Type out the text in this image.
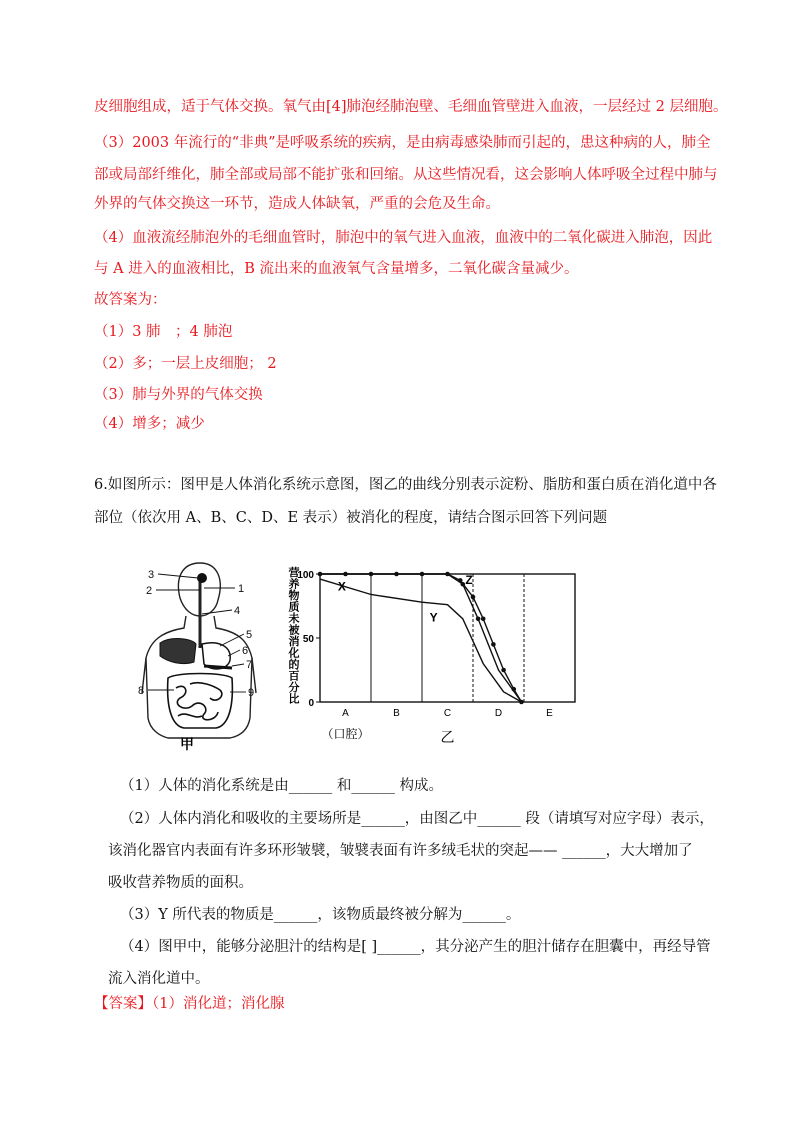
皮细胞组成，适于气体交换。氧气由[4]肺泡经肺泡壁、毛细血管壁进入血液，一层经过 2 层细胞。
（3）2003 年流行的“非典”是呼吸系统的疾病，是由病毒感染肺而引起的，患这种病的人，肺全
部或局部纤维化，肺全部或局部不能扩张和回缩。从这些情况看，这会影响人体呼吸全过程中肺与
外界的气体交换这一环节，造成人体缺氧，严重的会危及生命。
（4）血液流经肺泡外的毛细血管时，肺泡中的氧气进入血液，血液中的二氧化碳进入肺泡，因此
与 A 进入的血液相比，B 流出来的血液氧气含量增多，二氧化碳含量减少。
故答案为：
（1）3 肺　；4 肺泡
（2）多；一层上皮细胞； 2
（3）肺与外界的气体交换
（4）增多；减少
6.如图所示：图甲是人体消化系统示意图，图乙的曲线分别表示淀粉、脂肪和蛋白质在消化道中各
部位（依次用 A、B、C、D、E 表示）被消化的程度，请结合图示回答下列问题
3
2	1
4
5
6
7
8	9
甲
100
50
0
营
养
物
质
未
被
消
化
的
百
分
比
A	B	C	D	E
（口腔）	乙
X
Y
Z
（1）人体的消化系统是由______ 和______ 构成。
（2）人体内消化和吸收的主要场所是______，由图乙中______ 段（请填写对应字母）表示，
该消化器官内表面有许多环形皱襞，皱襞表面有许多绒毛状的突起—— ______，大大增加了
吸收营养物质的面积。
（3）Y 所代表的物质是______，该物质最终被分解为______。
（4）图甲中，能够分泌胆汁的结构是[ ]______，其分泌产生的胆汁储存在胆囊中，再经导管
流入消化道中。
【答案】（1）消化道；消化腺
